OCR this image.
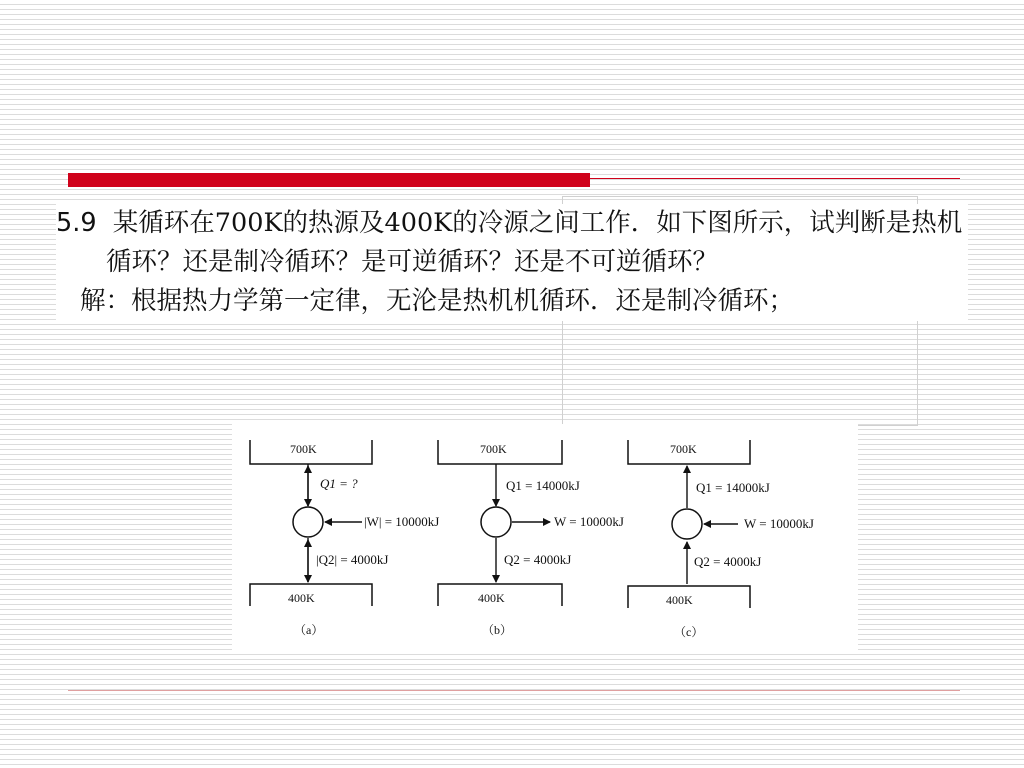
5.9 某循环在700K的热源及400K的冷源之间工作．如下图所示，试判断是热机循环？还是制冷循环？是可逆循环？还是不可逆循环？

解：根据热力学第一定律，无沦是热机机循环．还是制冷循环；

700K
400K
Q1 = ?
|W| = 10000kJ
|Q2| = 4000kJ
（a）
700K
400K
Q1 = 14000kJ
W = 10000kJ
Q2 = 4000kJ
（b）
700K
400K
Q1 = 14000kJ
W = 10000kJ
Q2 = 4000kJ
（c）
